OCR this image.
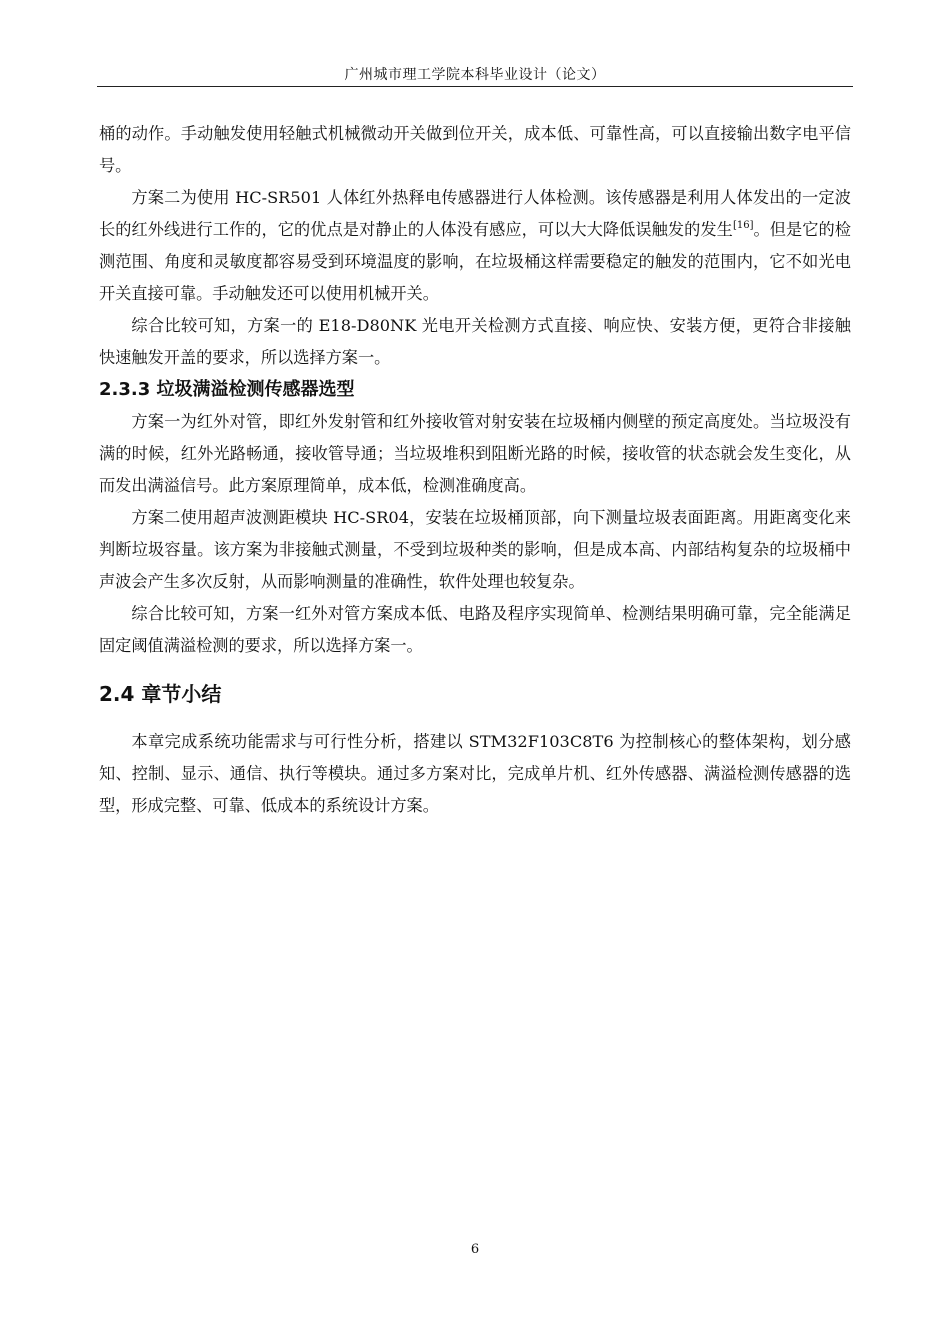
广州城市理工学院本科毕业设计（论文）

桶的动作。手动触发使用轻触式机械微动开关做到位开关，成本低、可靠性高，可以直接输出数字电平信号。

方案二为使用 HC-SR501 人体红外热释电传感器进行人体检测。该传感器是利用人体发出的一定波长的红外线进行工作的，它的优点是对静止的人体没有感应，可以大大降低误触发的发生[16]。但是它的检测范围、角度和灵敏度都容易受到环境温度的影响，在垃圾桶这样需要稳定的触发的范围内，它不如光电开关直接可靠。手动触发还可以使用机械开关。

综合比较可知，方案一的 E18-D80NK 光电开关检测方式直接、响应快、安装方便，更符合非接触快速触发开盖的要求，所以选择方案一。

2.3.3 垃圾满溢检测传感器选型

方案一为红外对管，即红外发射管和红外接收管对射安装在垃圾桶内侧壁的预定高度处。当垃圾没有满的时候，红外光路畅通，接收管导通；当垃圾堆积到阻断光路的时候，接收管的状态就会发生变化，从而发出满溢信号。此方案原理简单，成本低，检测准确度高。

方案二使用超声波测距模块 HC-SR04，安装在垃圾桶顶部，向下测量垃圾表面距离。用距离变化来判断垃圾容量。该方案为非接触式测量，不受到垃圾种类的影响，但是成本高、内部结构复杂的垃圾桶中声波会产生多次反射，从而影响测量的准确性，软件处理也较复杂。

综合比较可知，方案一红外对管方案成本低、电路及程序实现简单、检测结果明确可靠，完全能满足固定阈值满溢检测的要求，所以选择方案一。

2.4 章节小结

本章完成系统功能需求与可行性分析，搭建以 STM32F103C8T6 为控制核心的整体架构，划分感知、控制、显示、通信、执行等模块。通过多方案对比，完成单片机、红外传感器、满溢检测传感器的选型，形成完整、可靠、低成本的系统设计方案。

6
